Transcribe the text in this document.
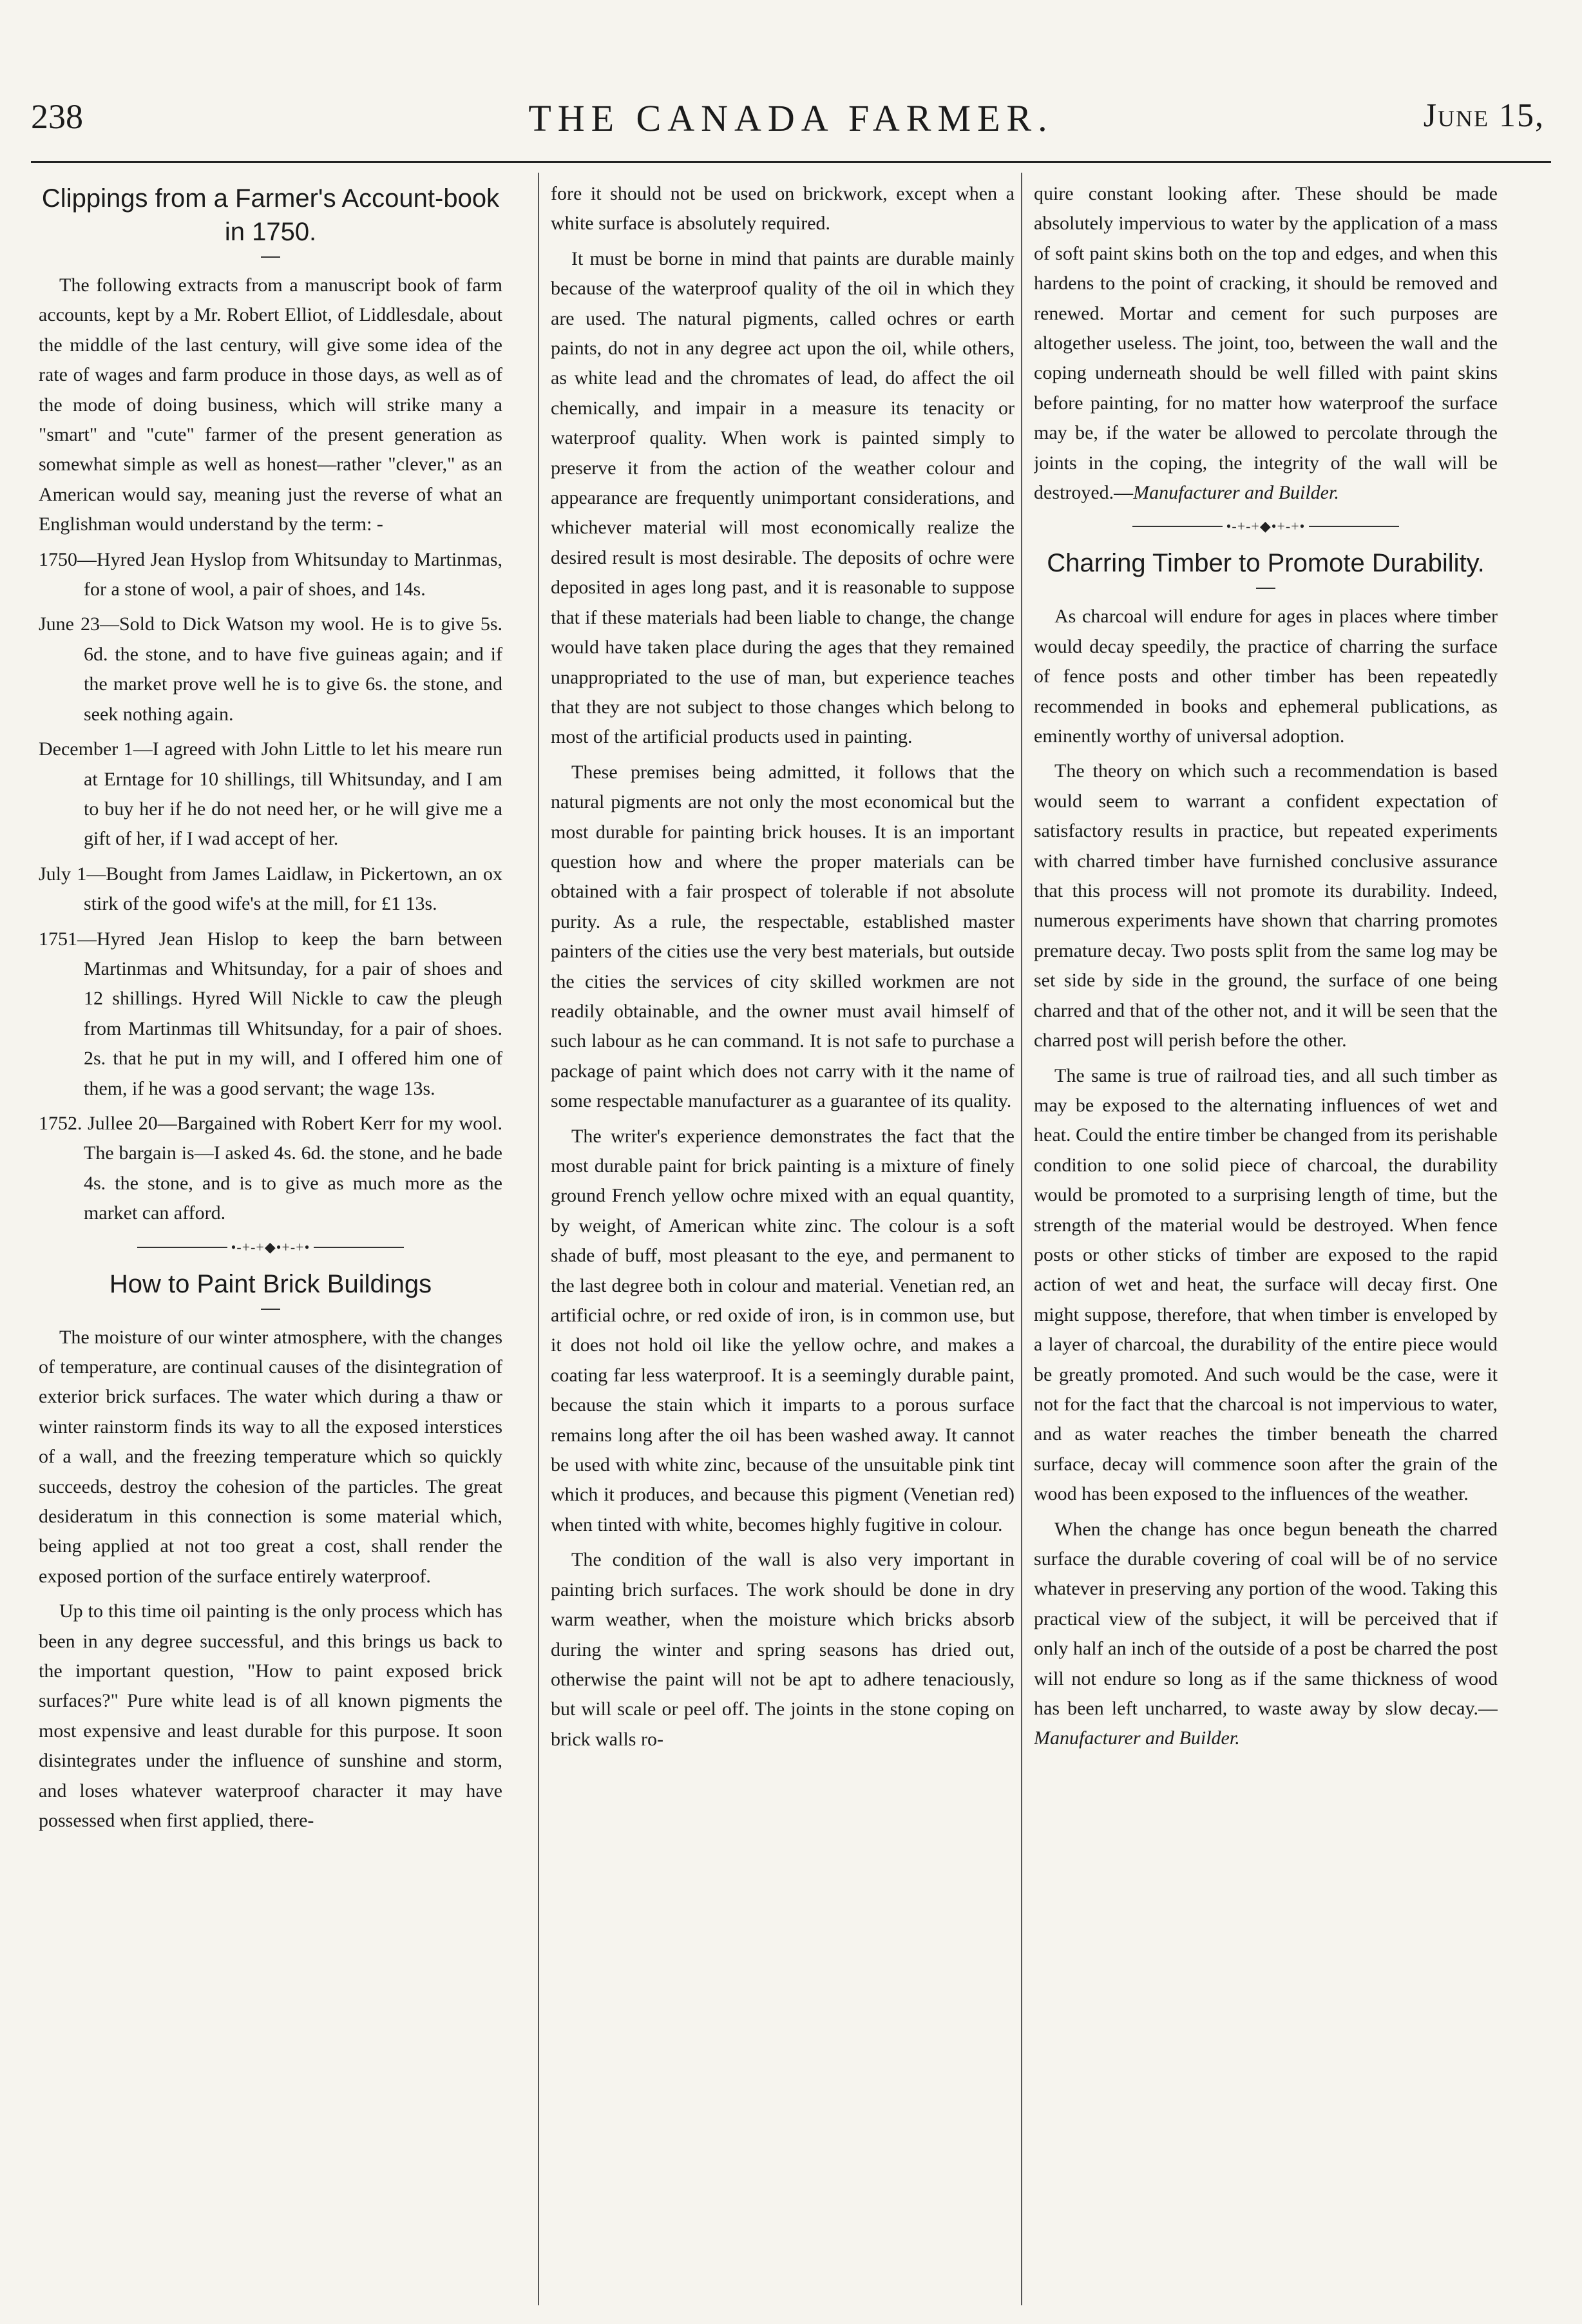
238	THE CANADA FARMER.	June 15,
Clippings from a Farmer's Account-book in 1750.

The following extracts from a manuscript book of farm accounts, kept by a Mr. Robert Elliot, of Liddlesdale, about the middle of the last century, will give some idea of the rate of wages and farm produce in those days, as well as of the mode of doing business, which will strike many a "smart" and "cute" farmer of the present generation as somewhat simple as well as honest—rather "clever," as an American would say, meaning just the reverse of what an Englishman would understand by the term: -

1750—Hyred Jean Hyslop from Whitsunday to Martinmas, for a stone of wool, a pair of shoes, and 14s.

June 23—Sold to Dick Watson my wool. He is to give 5s. 6d. the stone, and to have five guineas again; and if the market prove well he is to give 6s. the stone, and seek nothing again.

December 1—I agreed with John Little to let his meare run at Erntage for 10 shillings, till Whitsunday, and I am to buy her if he do not need her, or he will give me a gift of her, if I wad accept of her.

July 1—Bought from James Laidlaw, in Pickertown, an ox stirk of the good wife's at the mill, for £1 13s.

1751—Hyred Jean Hislop to keep the barn between Martinmas and Whitsunday, for a pair of shoes and 12 shillings. Hyred Will Nickle to caw the pleugh from Martinmas till Whitsunday, for a pair of shoes. 2s. that he put in my will, and I offered him one of them, if he was a good servant; the wage 13s.

1752. Jullee 20—Bargained with Robert Kerr for my wool. The bargain is—I asked 4s. 6d. the stone, and he bade 4s. the stone, and is to give as much more as the market can afford.

•-+-+◆•+-+•
How to Paint Brick Buildings

The moisture of our winter atmosphere, with the changes of temperature, are continual causes of the disintegration of exterior brick surfaces. The water which during a thaw or winter rainstorm finds its way to all the exposed interstices of a wall, and the freezing temperature which so quickly succeeds, destroy the cohesion of the particles. The great desideratum in this connection is some material which, being applied at not too great a cost, shall render the exposed portion of the surface entirely waterproof.

Up to this time oil painting is the only process which has been in any degree successful, and this brings us back to the important question, "How to paint exposed brick surfaces?" Pure white lead is of all known pigments the most expensive and least durable for this purpose. It soon disintegrates under the influence of sunshine and storm, and loses whatever waterproof character it may have possessed when first applied, there-

fore it should not be used on brickwork, except when a white surface is absolutely required.

It must be borne in mind that paints are durable mainly because of the waterproof quality of the oil in which they are used. The natural pigments, called ochres or earth paints, do not in any degree act upon the oil, while others, as white lead and the chromates of lead, do affect the oil chemically, and impair in a measure its tenacity or waterproof quality. When work is painted simply to preserve it from the action of the weather colour and appearance are frequently unimportant considerations, and whichever material will most economically realize the desired result is most desirable. The deposits of ochre were deposited in ages long past, and it is reasonable to suppose that if these materials had been liable to change, the change would have taken place during the ages that they remained unappropriated to the use of man, but experience teaches that they are not subject to those changes which belong to most of the artificial products used in painting.

These premises being admitted, it follows that the natural pigments are not only the most economical but the most durable for painting brick houses. It is an important question how and where the proper materials can be obtained with a fair prospect of tolerable if not absolute purity. As a rule, the respectable, established master painters of the cities use the very best materials, but outside the cities the services of city skilled workmen are not readily obtainable, and the owner must avail himself of such labour as he can command. It is not safe to purchase a package of paint which does not carry with it the name of some respectable manufacturer as a guarantee of its quality.

The writer's experience demonstrates the fact that the most durable paint for brick painting is a mixture of finely ground French yellow ochre mixed with an equal quantity, by weight, of American white zinc. The colour is a soft shade of buff, most pleasant to the eye, and permanent to the last degree both in colour and material. Venetian red, an artificial ochre, or red oxide of iron, is in common use, but it does not hold oil like the yellow ochre, and makes a coating far less waterproof. It is a seemingly durable paint, because the stain which it imparts to a porous surface remains long after the oil has been washed away. It cannot be used with white zinc, because of the unsuitable pink tint which it produces, and because this pigment (Venetian red) when tinted with white, becomes highly fugitive in colour.

The condition of the wall is also very important in painting brich surfaces. The work should be done in dry warm weather, when the moisture which bricks absorb during the winter and spring seasons has dried out, otherwise the paint will not be apt to adhere tenaciously, but will scale or peel off. The joints in the stone coping on brick walls ro-

quire constant looking after. These should be made absolutely impervious to water by the application of a mass of soft paint skins both on the top and edges, and when this hardens to the point of cracking, it should be removed and renewed. Mortar and cement for such purposes are altogether useless. The joint, too, between the wall and the coping underneath should be well filled with paint skins before painting, for no matter how waterproof the surface may be, if the water be allowed to percolate through the joints in the coping, the integrity of the wall will be destroyed.—Manufacturer and Builder.

•-+-+◆•+-+•
Charring Timber to Promote Durability.

As charcoal will endure for ages in places where timber would decay speedily, the practice of charring the surface of fence posts and other timber has been repeatedly recommended in books and ephemeral publications, as eminently worthy of universal adoption.

The theory on which such a recommendation is based would seem to warrant a confident expectation of satisfactory results in practice, but repeated experiments with charred timber have furnished conclusive assurance that this process will not promote its durability. Indeed, numerous experiments have shown that charring promotes premature decay. Two posts split from the same log may be set side by side in the ground, the surface of one being charred and that of the other not, and it will be seen that the charred post will perish before the other.

The same is true of railroad ties, and all such timber as may be exposed to the alternating influences of wet and heat. Could the entire timber be changed from its perishable condition to one solid piece of charcoal, the durability would be promoted to a surprising length of time, but the strength of the material would be destroyed. When fence posts or other sticks of timber are exposed to the rapid action of wet and heat, the surface will decay first. One might suppose, therefore, that when timber is enveloped by a layer of charcoal, the durability of the entire piece would be greatly promoted. And such would be the case, were it not for the fact that the charcoal is not impervious to water, and as water reaches the timber beneath the charred surface, decay will commence soon after the grain of the wood has been exposed to the influences of the weather.

When the change has once begun beneath the charred surface the durable covering of coal will be of no service whatever in preserving any portion of the wood. Taking this practical view of the subject, it will be perceived that if only half an inch of the outside of a post be charred the post will not endure so long as if the same thickness of wood has been left uncharred, to waste away by slow decay.—Manufacturer and Builder.
